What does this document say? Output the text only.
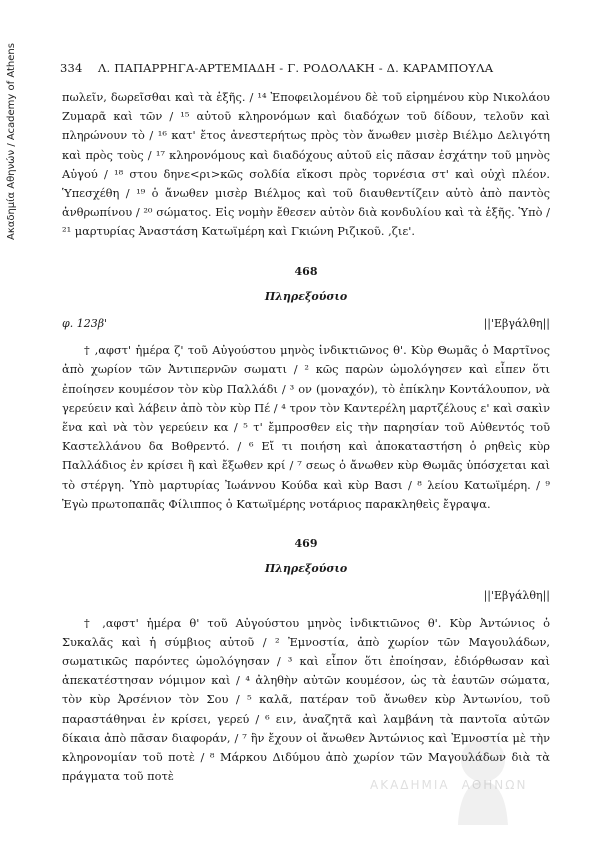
Ακαδημία Αθηνών / Academy of Athens	334 Λ. ΠΑΠΑΡΡΗΓΑ-ΑΡΤΕΜΙΑΔΗ - Γ. ΡΟΔΟΛΑΚΗ - Δ. ΚΑΡΑΜΠΟΥΛΑ

πωλεῖν, δωρεῖσθαι καὶ τὰ ἑξῆς. / ¹⁴ Ἐποφειλομένου δὲ τοῦ εἰρημένου κὺρ Νικολάου Ζυμαρᾶ καὶ τῶν / ¹⁵ αὐτοῦ κληρονόμων καὶ διαδόχων τοῦ δίδουν, τελοῦν καὶ πληρώνουν τὸ / ¹⁶ κατ' ἔτος ἀνεστερήτως πρὸς τὸν ἄνωθεν μισὲρ Βιέλμο Δελιγότη καὶ πρὸς τοὺς / ¹⁷ κληρονόμους καὶ διαδόχους αὐτοῦ εἰς πᾶσαν ἐσχάτην τοῦ μηνὸς Αὐγού / ¹⁸ στου δηνε<ρι>κῶς σολδία εἴκοσι πρὸς τορνέσια στ' καὶ οὐχὶ πλέον. Ὑπεσχέθη / ¹⁹ ὁ ἄνωθεν μισὲρ Βιέλμος καὶ τοῦ διαυθεντίζειν αὐτὸ ἀπὸ παντὸς ἀνθρωπίνου / ²⁰ σώματος. Εἰς νομὴν ἔθεσεν αὐτὸν διὰ κονδυλίου καὶ τὰ ἑξῆς. Ὑπὸ / ²¹ μαρτυρίας Ἀναστάση Κατωϊμέρη καὶ Γκιώνη Ριζικοῦ. ,ζιε'.

468

Πληρεξούσιο

φ. 123β'	||'Εβγάλθη||

† ,αφστ' ἡμέρα ζ' τοῦ Αὐγούστου μηνὸς ἰνδικτιῶνος θ'. Κὺρ Θωμᾶς ὁ Μαρτῖνος ἀπὸ χωρίον τῶν Ἀντιπερνῶν σωματι / ² κῶς παρὼν ὡμολόγησεν καὶ εἶπεν ὅτι ἐποίησεν κουμέσον τὸν κὺρ Παλλάδι / ³ ον (μοναχόν), τὸ ἐπίκλην Κοντάλουπον, νὰ γερεύειν καὶ λάβειν ἀπὸ τὸν κὺρ Πέ / ⁴ τρον τὸν Καντερέλη μαρτζέλους ε' καὶ σακὶν ἕνα καὶ νὰ τὸν γερεύειν κα / ⁵ τ' ἔμπροσθεν εἰς τὴν παρησίαν τοῦ Αὐθεντός τοῦ Καστελλάνου δα Βοθρεντό. / ⁶ Εἴ τι ποιήση καὶ ἀποκαταστήση ὁ ρηθεὶς κὺρ Παλλάδιος ἐν κρίσει ἢ καὶ ἔξωθεν κρί / ⁷ σεως ὁ ἄνωθεν κὺρ Θωμᾶς ὑπόσχεται καὶ τὸ στέργη. Ὑπὸ μαρτυρίας Ἰωάννου Κούδα καὶ κὺρ Βασι / ⁸ λείου Κατωϊμέρη. / ⁹ Ἐγὼ πρωτοπαπᾶς Φίλιππος ὁ Κατωϊμέρης νοτάριος παρακληθεὶς ἔγραψα.

469

Πληρεξούσιο

||'Εβγάλθη||

† ,αφστ' ἡμέρα θ' τοῦ Αὐγούστου μηνὸς ἰνδικτιῶνος θ'. Κὺρ Ἀντώνιος ὁ Συκαλᾶς καὶ ἡ σύμβιος αὐτοῦ / ² Ἐμνοστία, ἀπὸ χωρίον τῶν Μαγουλάδων, σωματικῶς παρόντες ὡμολόγησαν / ³ καὶ εἶπον ὅτι ἐποίησαν, ἐδιόρθωσαν καὶ ἀπεκατέστησαν νόμιμον καὶ / ⁴ ἀληθὴν αὐτῶν κουμέσον, ὡς τὰ ἑαυτῶν σώματα, τὸν κὺρ Ἀρσένιον τὸν Σου / ⁵ καλᾶ, πατέραν τοῦ ἄνωθεν κὺρ Ἀντωνίου, τοῦ παραστάθηναι ἐν κρίσει, γερεύ / ⁶ ειν, ἀναζητᾶ καὶ λαμβάνη τὰ παντοῖα αὐτῶν δίκαια ἀπὸ πᾶσαν διαφοράν, / ⁷ ἣν ἔχουν οἱ ἄνωθεν Ἀντώνιος καὶ Ἐμνοστία μὲ τὴν κληρονομίαν τοῦ ποτὲ / ⁸ Μάρκου Διδύμου ἀπὸ χωρίον τῶν Μαγουλάδων διὰ τὰ πράγματα τοῦ ποτὲ

ΑΚΑΔΗΜΙΑ ΑΘΗΝΩΝ
